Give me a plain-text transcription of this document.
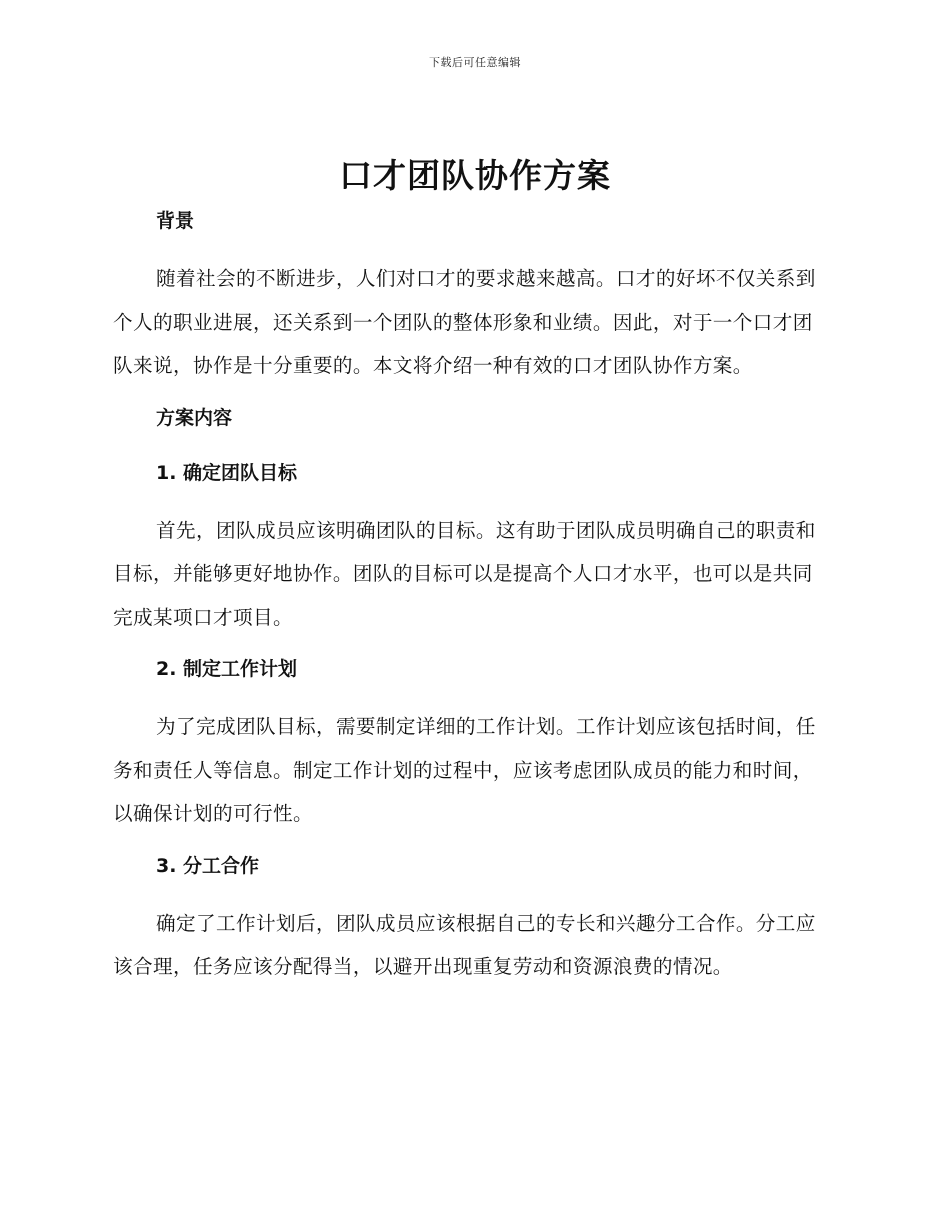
下载后可任意编辑
口才团队协作方案
背景

随着社会的不断进步，人们对口才的要求越来越高。口才的好坏不仅关系到个人的职业进展，还关系到一个团队的整体形象和业绩。因此，对于一个口才团队来说，协作是十分重要的。本文将介绍一种有效的口才团队协作方案。

方案内容
1. 确定团队目标

首先，团队成员应该明确团队的目标。这有助于团队成员明确自己的职责和目标，并能够更好地协作。团队的目标可以是提高个人口才水平，也可以是共同完成某项口才项目。

2. 制定工作计划

为了完成团队目标，需要制定详细的工作计划。工作计划应该包括时间，任务和责任人等信息。制定工作计划的过程中，应该考虑团队成员的能力和时间，以确保计划的可行性。

3. 分工合作

确定了工作计划后，团队成员应该根据自己的专长和兴趣分工合作。分工应该合理，任务应该分配得当，以避开出现重复劳动和资源浪费的情况。
